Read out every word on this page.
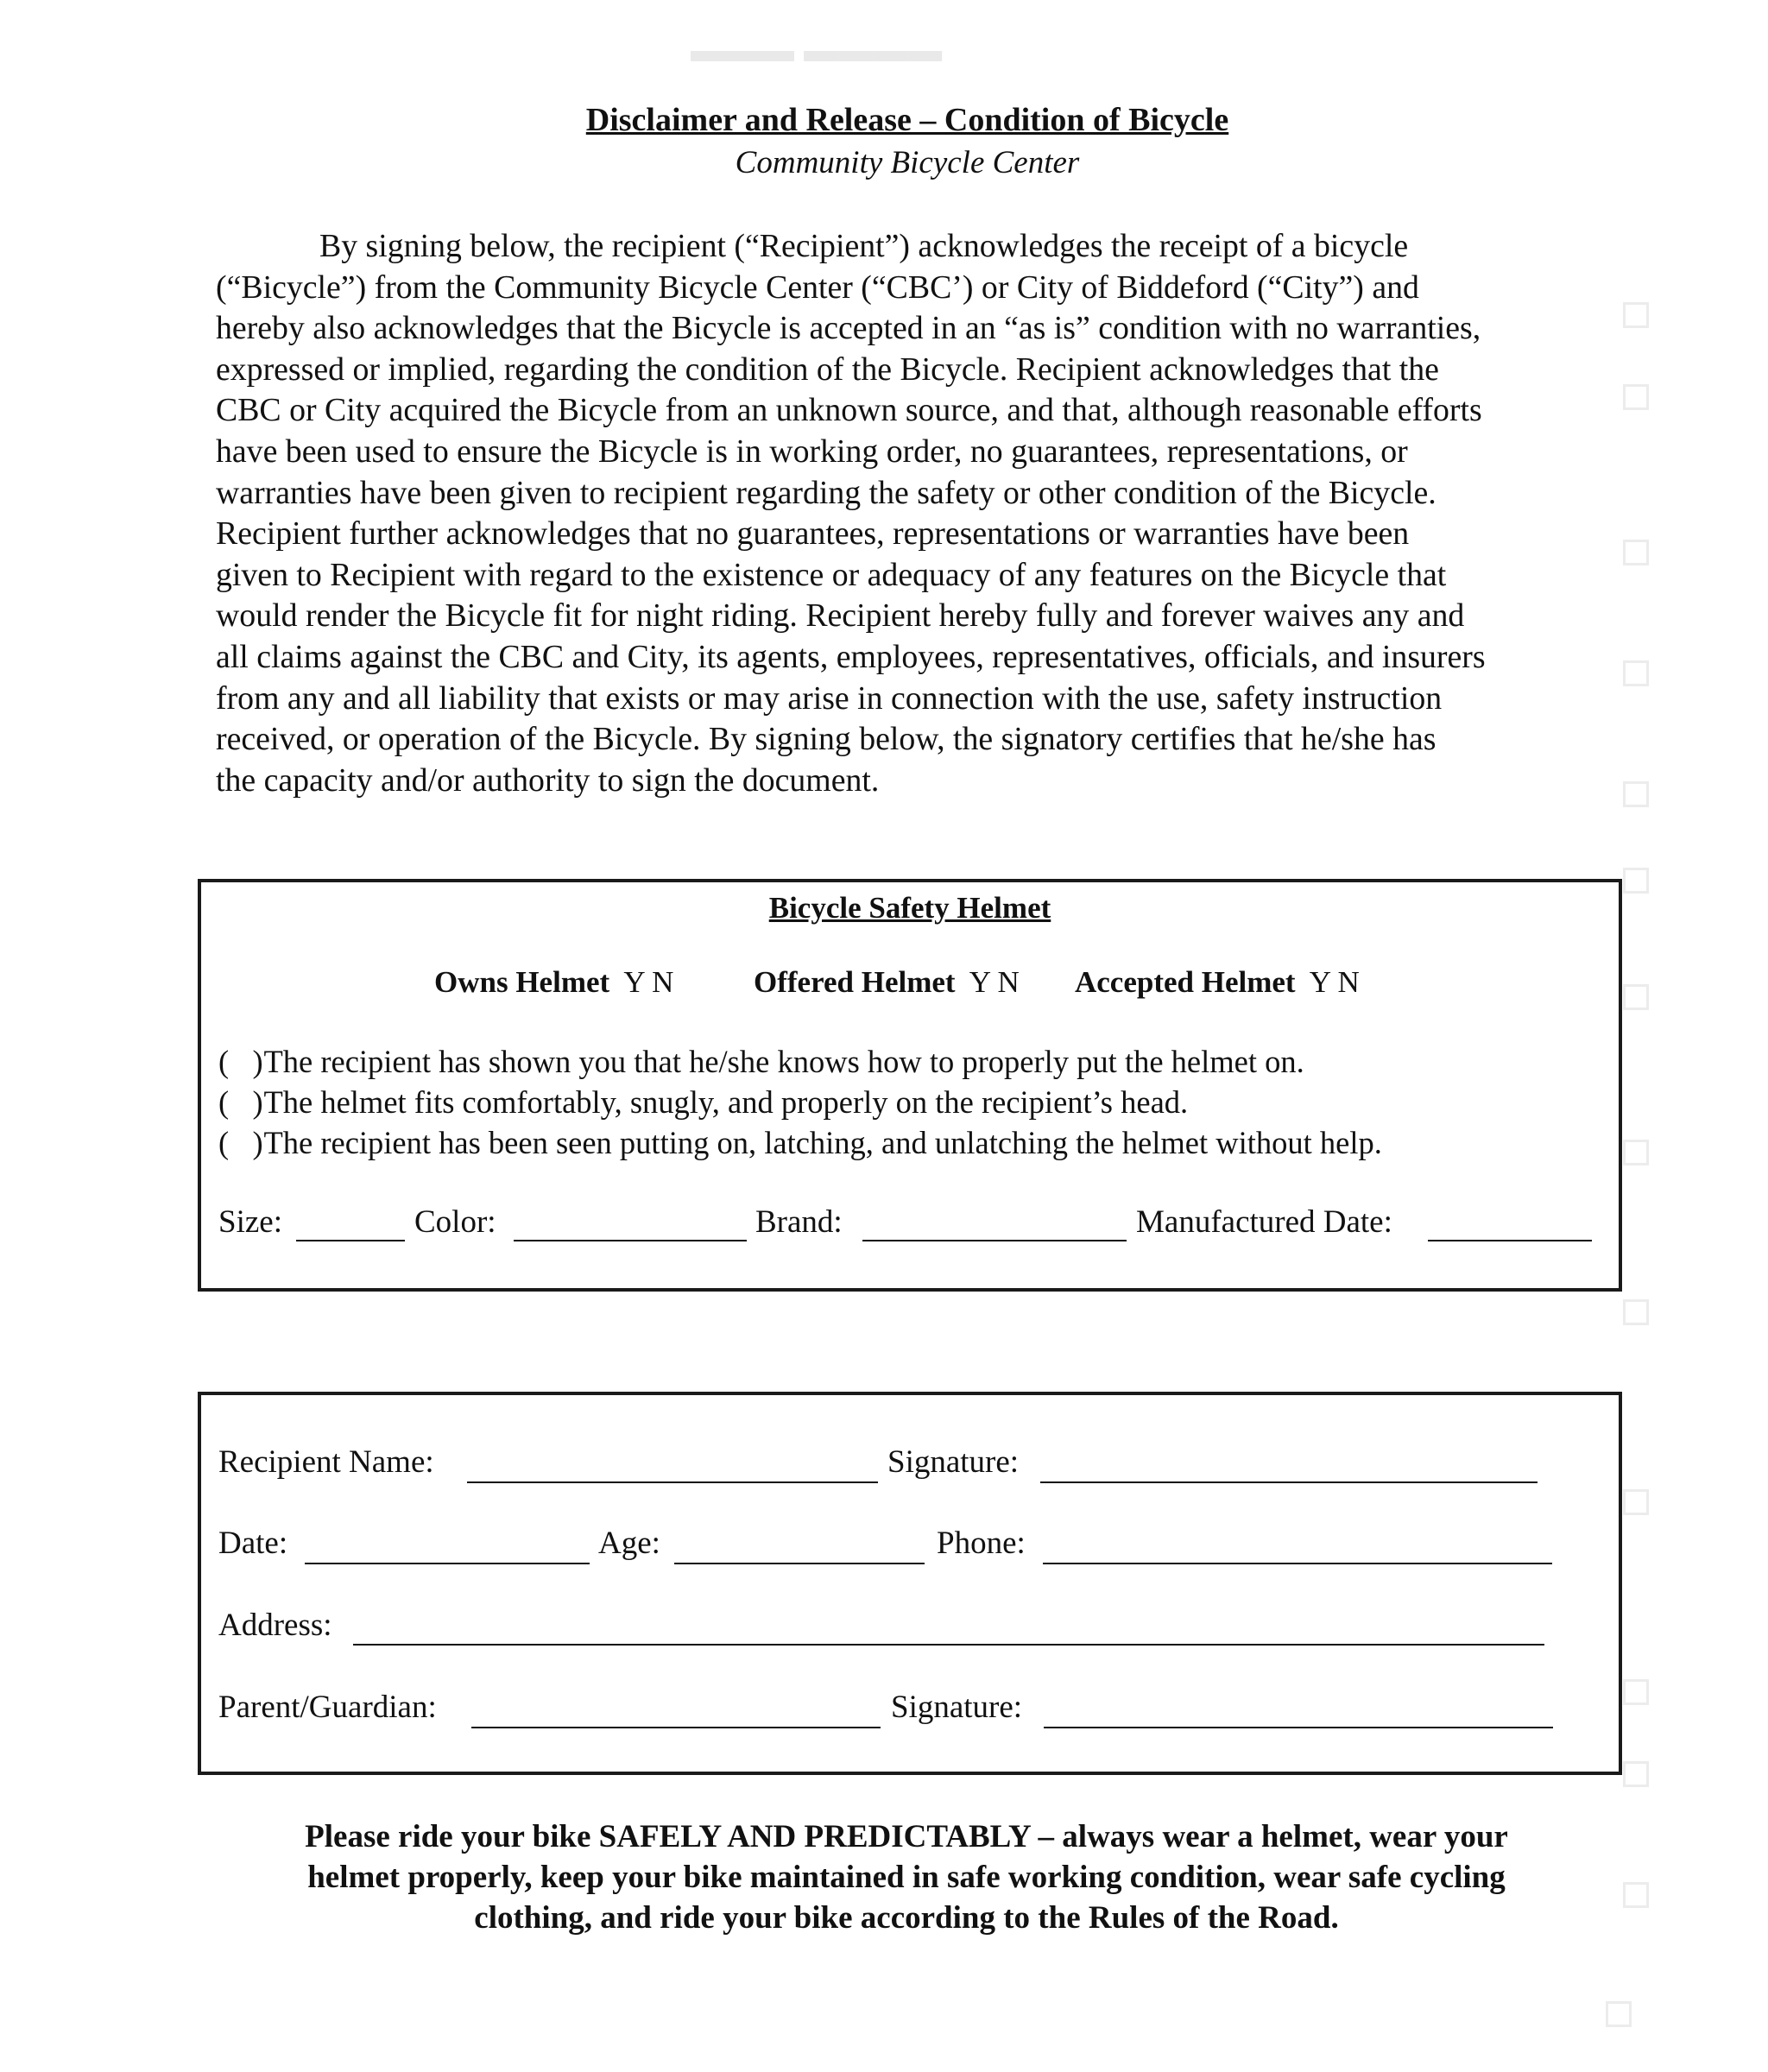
▬▬▬ ▬▬▬▬
Disclaimer and Release – Condition of Bicycle
Community Bicycle Center
By signing below, the recipient (“Recipient”) acknowledges the receipt of a bicycle
(“Bicycle”) from the Community Bicycle Center (“CBC’) or City of Biddeford (“City”) and
hereby also acknowledges that the Bicycle is accepted in an “as is” condition with no warranties,
expressed or implied, regarding the condition of the Bicycle. Recipient acknowledges that the
CBC or City acquired the Bicycle from an unknown source, and that, although reasonable efforts
have been used to ensure the Bicycle is in working order, no guarantees, representations, or
warranties have been given to recipient regarding the safety or other condition of the Bicycle.
Recipient further acknowledges that no guarantees, representations or warranties have been
given to Recipient with regard to the existence or adequacy of any features on the Bicycle that
would render the Bicycle fit for night riding. Recipient hereby fully and forever waives any and
all claims against the CBC and City, its agents, employees, representatives, officials, and insurers
from any and all liability that exists or may arise in connection with the use, safety instruction
received, or operation of the Bicycle. By signing below, the signatory certifies that he/she has
the capacity and/or authority to sign the document.
Bicycle Safety Helmet
Owns Helmet Y N	Offered Helmet Y N Accepted Helmet Y N
( ) The recipient has shown you that he/she knows how to properly put the helmet on.
( ) The helmet fits comfortably, snugly, and properly on the recipient’s head.
( ) The recipient has been seen putting on, latching, and unlatching the helmet without help.
Size:	Color:	Brand:	Manufactured Date:
Recipient Name:	Signature:
Date:	Age:	Phone:
Address:
Parent/Guardian:	Signature:
Please ride your bike SAFELY AND PREDICTABLY – always wear a helmet, wear your
helmet properly, keep your bike maintained in safe working condition, wear safe cycling
clothing, and ride your bike according to the Rules of the Road.
